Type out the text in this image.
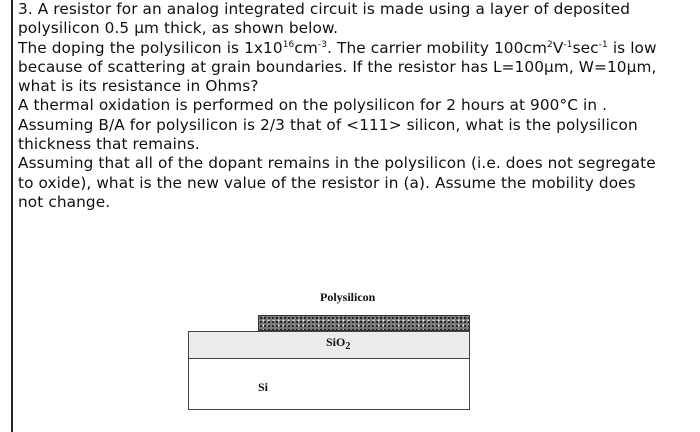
3. A resistor for an analog integrated circuit is made using a layer of deposited

polysilicon 0.5 μm thick, as shown below.

The doping the polysilicon is $1x10^{16}cm^{-3}$. The carrier mobility $100cm^2V^{-1}\sec^{-1}$ is low

because of scattering at grain boundaries. If the resistor has L=100μm, W=10μm,

what is its resistance in Ohms?

A thermal oxidation is performed on the polysilicon for 2 hours at 900°C in .

Assuming B/A for polysilicon is 2/3 that of <111> silicon, what is the polysilicon

thickness that remains.

Assuming that all of the dopant remains in the polysilicon (i.e. does not segregate

to oxide), what is the new value of the resistor in (a). Assume the mobility does

not change.

Polysilicon
SiO$_2$
Si
